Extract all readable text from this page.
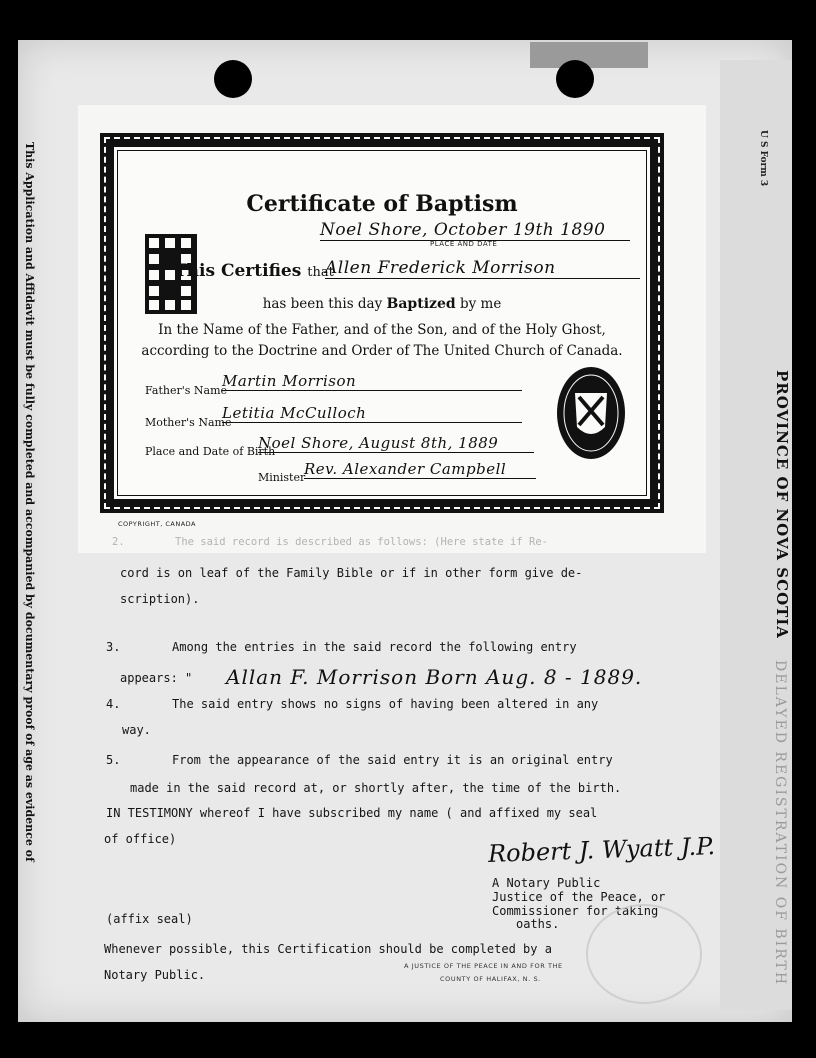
This Application and Affidavit must be fully completed and accompanied by documentary proof of age as evidence of	U S Form 3
PROVINCE OF NOVA SCOTIA
DELAYED REGISTRATION OF BIRTH
Certificate of Baptism
Noel Shore, October 19th 1890
PLACE AND DATE
This Certifies that
Allen Frederick Morrison
has been this day Baptized by me
In the Name of the Father, and of the Son, and of the Holy Ghost,
according to the Doctrine and Order of The United Church of Canada.
Father's Name
Martin Morrison
Mother's Name
Letitia McCulloch
Place and Date of Birth
Noel Shore, August 8th, 1889
Minister
Rev. Alexander Campbell
COPYRIGHT, CANADA
2.	The said record is described as follows: (Here state if Re-
cord is on leaf of the Family Bible or if in other form give de-
scription).
3.	Among the entries in the said record the following entry
appears: " Allan F. Morrison Born Aug. 8 - 1889.
4.	The said entry shows no signs of having been altered in any
way.
5.	From the appearance of the said entry it is an original entry
made in the said record at, or shortly after, the time of the birth.
IN TESTIMONY whereof I have subscribed my name ( and affixed my seal
of office)	Robert J. Wyatt J.P.
A Notary Public
Justice of the Peace, or
Commissioner for taking
oaths.
(affix seal)
Whenever possible, this Certification should be completed by a
Notary Public.
A JUSTICE OF THE PEACE IN AND FOR THE
COUNTY OF HALIFAX, N. S.
